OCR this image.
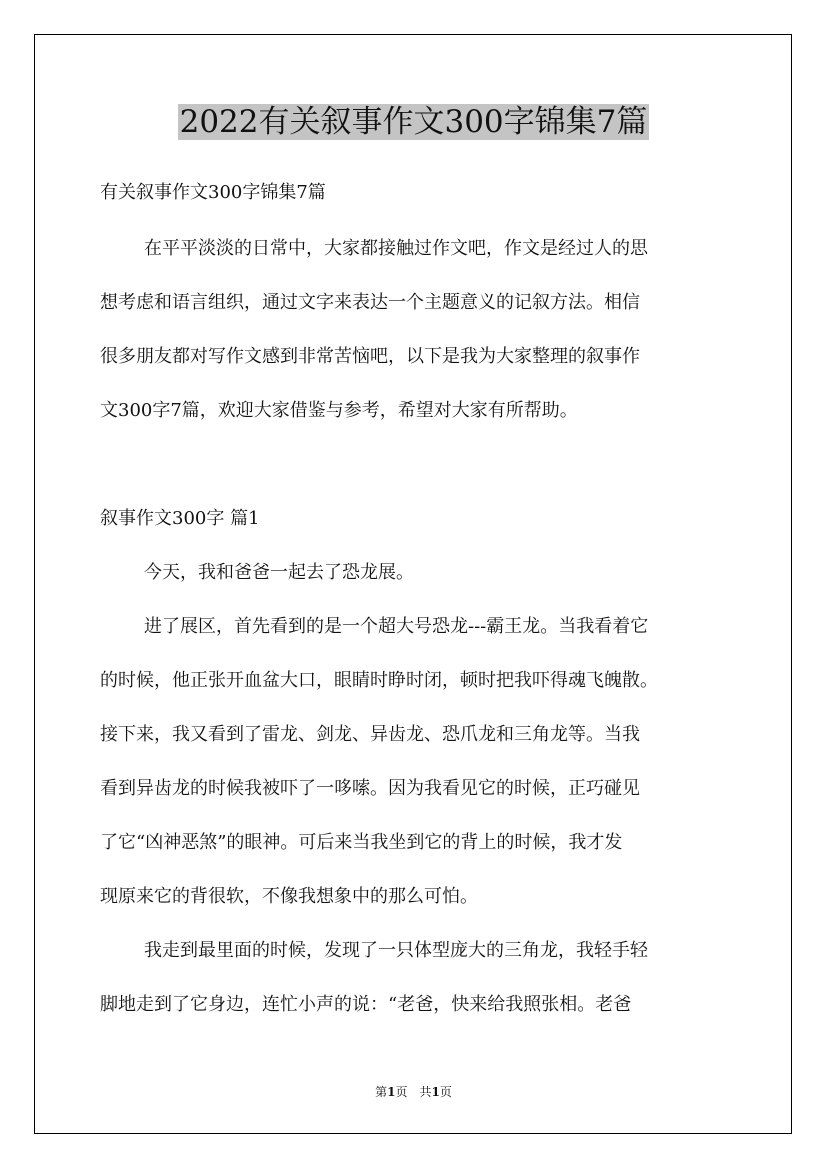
2022有关叙事作文300字锦集7篇
有关叙事作文300字锦集7篇
在平平淡淡的日常中，大家都接触过作文吧，作文是经过人的思
想考虑和语言组织，通过文字来表达一个主题意义的记叙方法。相信
很多朋友都对写作文感到非常苦恼吧，以下是我为大家整理的叙事作
文300字7篇，欢迎大家借鉴与参考，希望对大家有所帮助。
叙事作文300字 篇1
今天，我和爸爸一起去了恐龙展。
进了展区，首先看到的是一个超大号恐龙---霸王龙。当我看着它
的时候，他正张开血盆大口，眼睛时睁时闭，顿时把我吓得魂飞魄散。
接下来，我又看到了雷龙、剑龙、异齿龙、恐爪龙和三角龙等。当我
看到异齿龙的时候我被吓了一哆嗦。因为我看见它的时候，正巧碰见
了它“凶神恶煞”的眼神。可后来当我坐到它的背上的时候，我才发
现原来它的背很软，不像我想象中的那么可怕。
我走到最里面的时候，发现了一只体型庞大的三角龙，我轻手轻
脚地走到了它身边，连忙小声的说：“老爸，快来给我照张相。老爸
第1页　共1页
